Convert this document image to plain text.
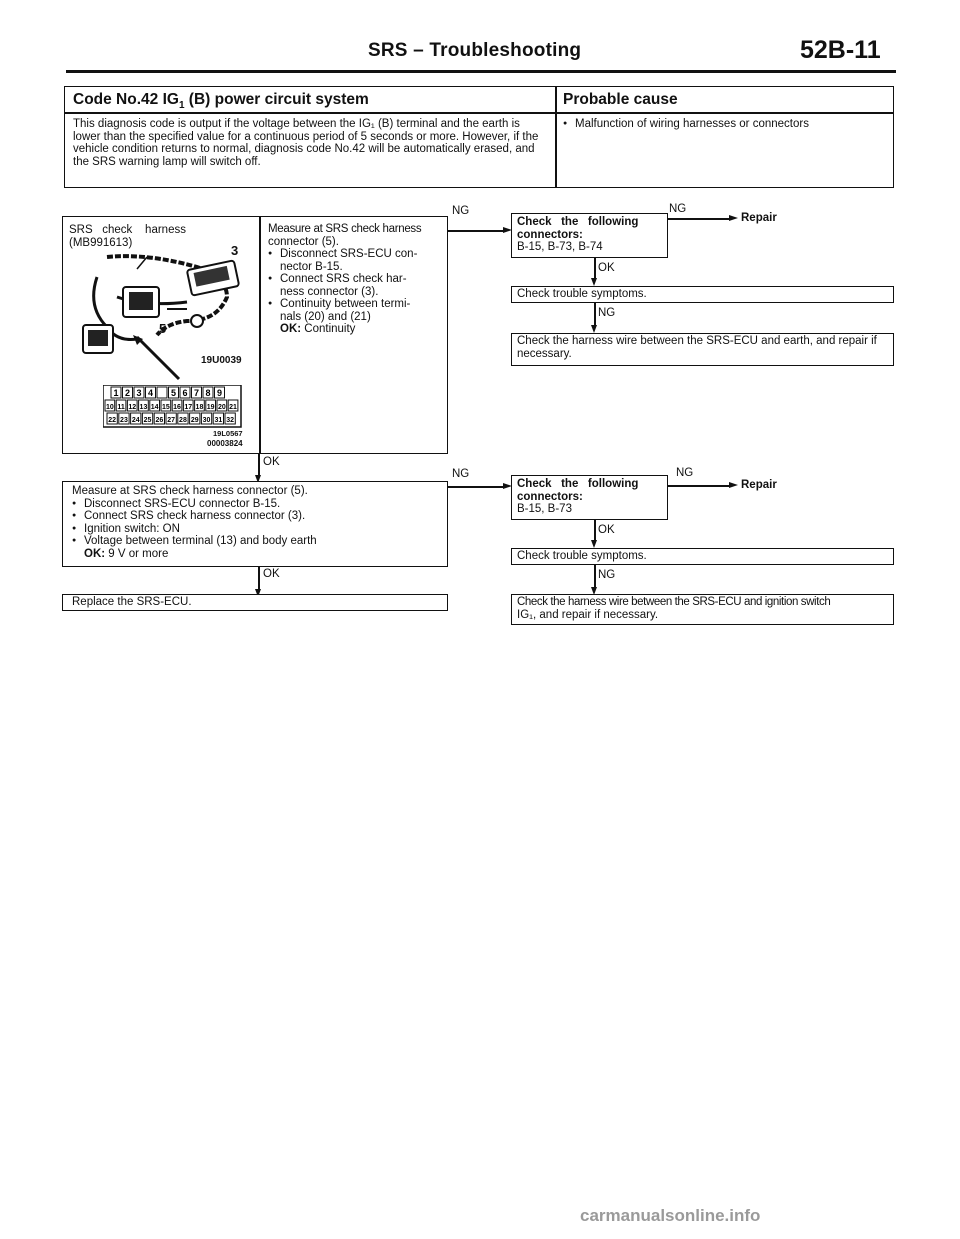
SRS – Troubleshooting	52B-11
Code No.42 $IG_1$ (B) power circuit system	Probable cause
This diagnosis code is output if the voltage between the IG₁ (B) terminal and the earth is lower than the specified value for a continuous period of 5 seconds or more. However, if the vehicle condition returns to normal, diagnosis code No.42 will be automatically erased, and the SRS warning lamp will switch off.
● Malfunction of wiring harnesses or connectors
SRS   check    harness
(MB991613)	3
5
19U0039
1 2 3 4 5 6 7 8 9
10 11 12 13 14 15 16 17 18 19 20 21
22 23 24 25 26 27 28 29 30 31 32
19L0567
00003824
Measure at SRS check harness
connector (5).
● Disconnect SRS-ECU con-
nector B-15.
● Connect SRS check har-
ness connector (3).
● Continuity between termi-
nals (20) and (21)
OK: Continuity
NG
Check   the   following
connectors:
B-15, B-73, B-74
NG
Repair
OK
Check trouble symptoms.
NG
Check the harness wire between the SRS-ECU and earth, and repair if necessary.
OK
Measure at SRS check harness connector (5).
● Disconnect SRS-ECU connector B-15.
● Connect SRS check harness connector (3).
● Ignition switch: ON
● Voltage between terminal (13) and body earth
OK: 9 V or more
NG
Check   the   following
connectors:
B-15, B-73
NG
Repair
OK
Check trouble symptoms.
NG
Check the harness wire between the SRS-ECU and ignition switch
IG₁, and repair if necessary.
OK
Replace the SRS-ECU.
carmanualsonline.info
